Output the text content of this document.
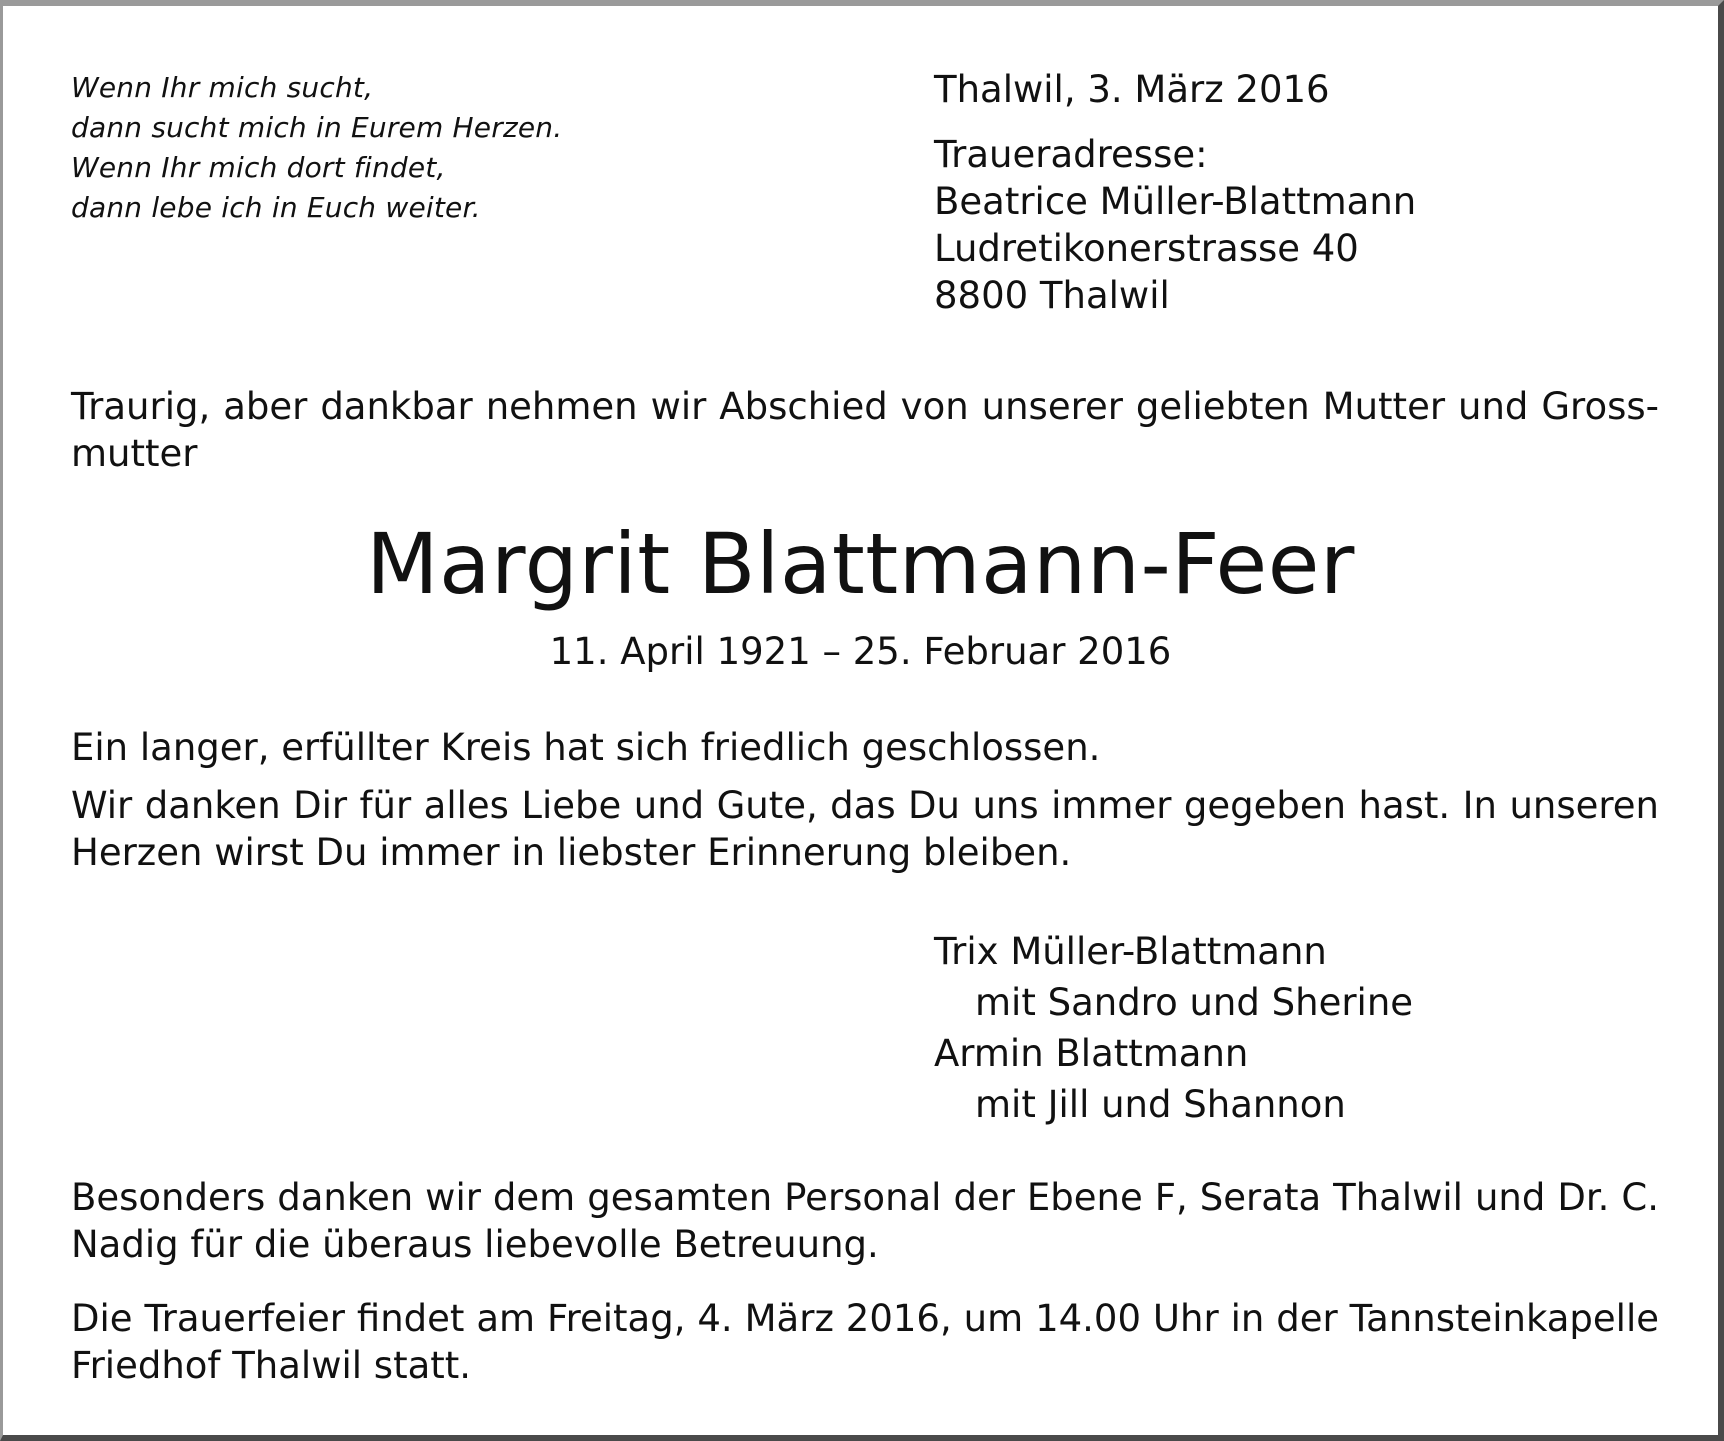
Wenn Ihr mich sucht,
dann sucht mich in Eurem Herzen.
Wenn Ihr mich dort findet,
dann lebe ich in Euch weiter.
Thalwil, 3. März 2016
Traueradresse:
Beatrice Müller-Blattmann
Ludretikonerstrasse 40
8800 Thalwil
Traurig, aber dankbar nehmen wir Abschied von unserer geliebten Mutter und Grossmutter
Margrit Blattmann-Feer
11. April 1921 – 25. Februar 2016
Ein langer, erfüllter Kreis hat sich friedlich geschlossen.
Wir danken Dir für alles Liebe und Gute, das Du uns immer gegeben hast. In unseren Herzen wirst Du immer in liebster Erinnerung bleiben.
Trix Müller-Blattmann
mit Sandro und Sherine
Armin Blattmann
mit Jill und Shannon
Besonders danken wir dem gesamten Personal der Ebene F, Serata Thalwil und Dr. C. Nadig für die überaus liebevolle Betreuung.
Die Trauerfeier findet am Freitag, 4. März 2016, um 14.00 Uhr in der Tannsteinkapelle Friedhof Thalwil statt.
